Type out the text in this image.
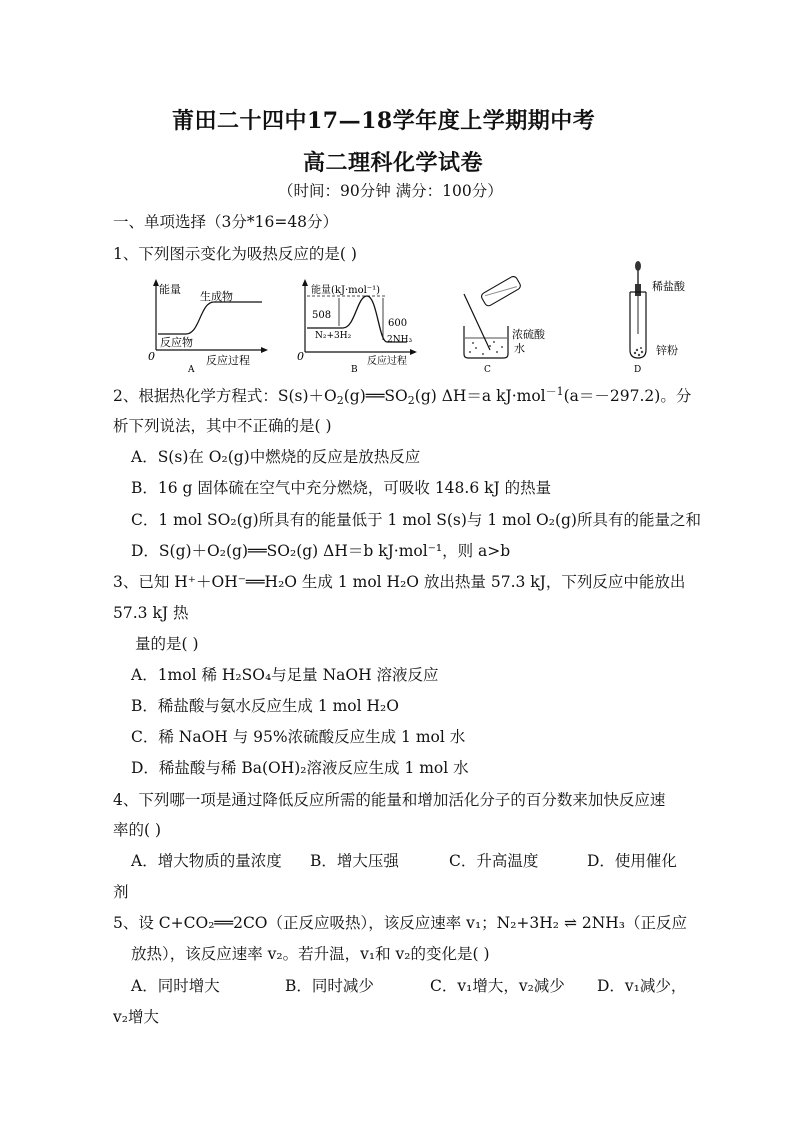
莆田二十四中17—18学年度上学期期中考
高二理科化学试卷
（时间：90分钟 满分：100分）
一、单项选择（3分*16=48分）
1、下列图示变化为吸热反应的是( )
能量
生成物
反应物
0	反应过程
A
能量(kJ·mol⁻¹)
508
600
N₂+3H₂	2NH₃
0	反应过程
B
浓硫酸
水
C
稀盐酸
锌粉
D
2、根据热化学方程式：$S(s)+O_2(g)══SO_2(g)$ ΔH＝a kJ·mol$^{-1}$(a＝－297.2)。分
析下列说法，其中不正确的是( )
A．S(s)在 O₂(g)中燃烧的反应是放热反应
B．16 g 固体硫在空气中充分燃烧，可吸收 148.6 kJ 的热量
C．1 mol SO₂(g)所具有的能量低于 1 mol S(s)与 1 mol O₂(g)所具有的能量之和
D．S(g)＋O₂(g)══SO₂(g) ΔH＝b kJ·mol⁻¹，则 a>b
3、已知 H⁺＋OH⁻══H₂O 生成 1 mol H₂O 放出热量 57.3 kJ，下列反应中能放出
57.3 kJ 热
量的是( )
A．1mol 稀 H₂SO₄与足量 NaOH 溶液反应
B．稀盐酸与氨水反应生成 1 mol H₂O
C．稀 NaOH 与 95%浓硫酸反应生成 1 mol 水
D．稀盐酸与稀 Ba(OH)₂溶液反应生成 1 mol 水
4、下列哪一项是通过降低反应所需的能量和增加活化分子的百分数来加快反应速
率的( )
A．增大物质的量浓度 B．增大压强	C．升高温度	D．使用催化
剂
5、设 C+CO₂══2CO（正反应吸热），该反应速率 v₁；N₂+3H₂ ⇌ 2NH₃（正反应
放热），该反应速率 v₂。若升温，v₁和 v₂的变化是( )
A．同时增大	B．同时减少	C．v₁增大，v₂减少 D．v₁减少，
v₂增大
